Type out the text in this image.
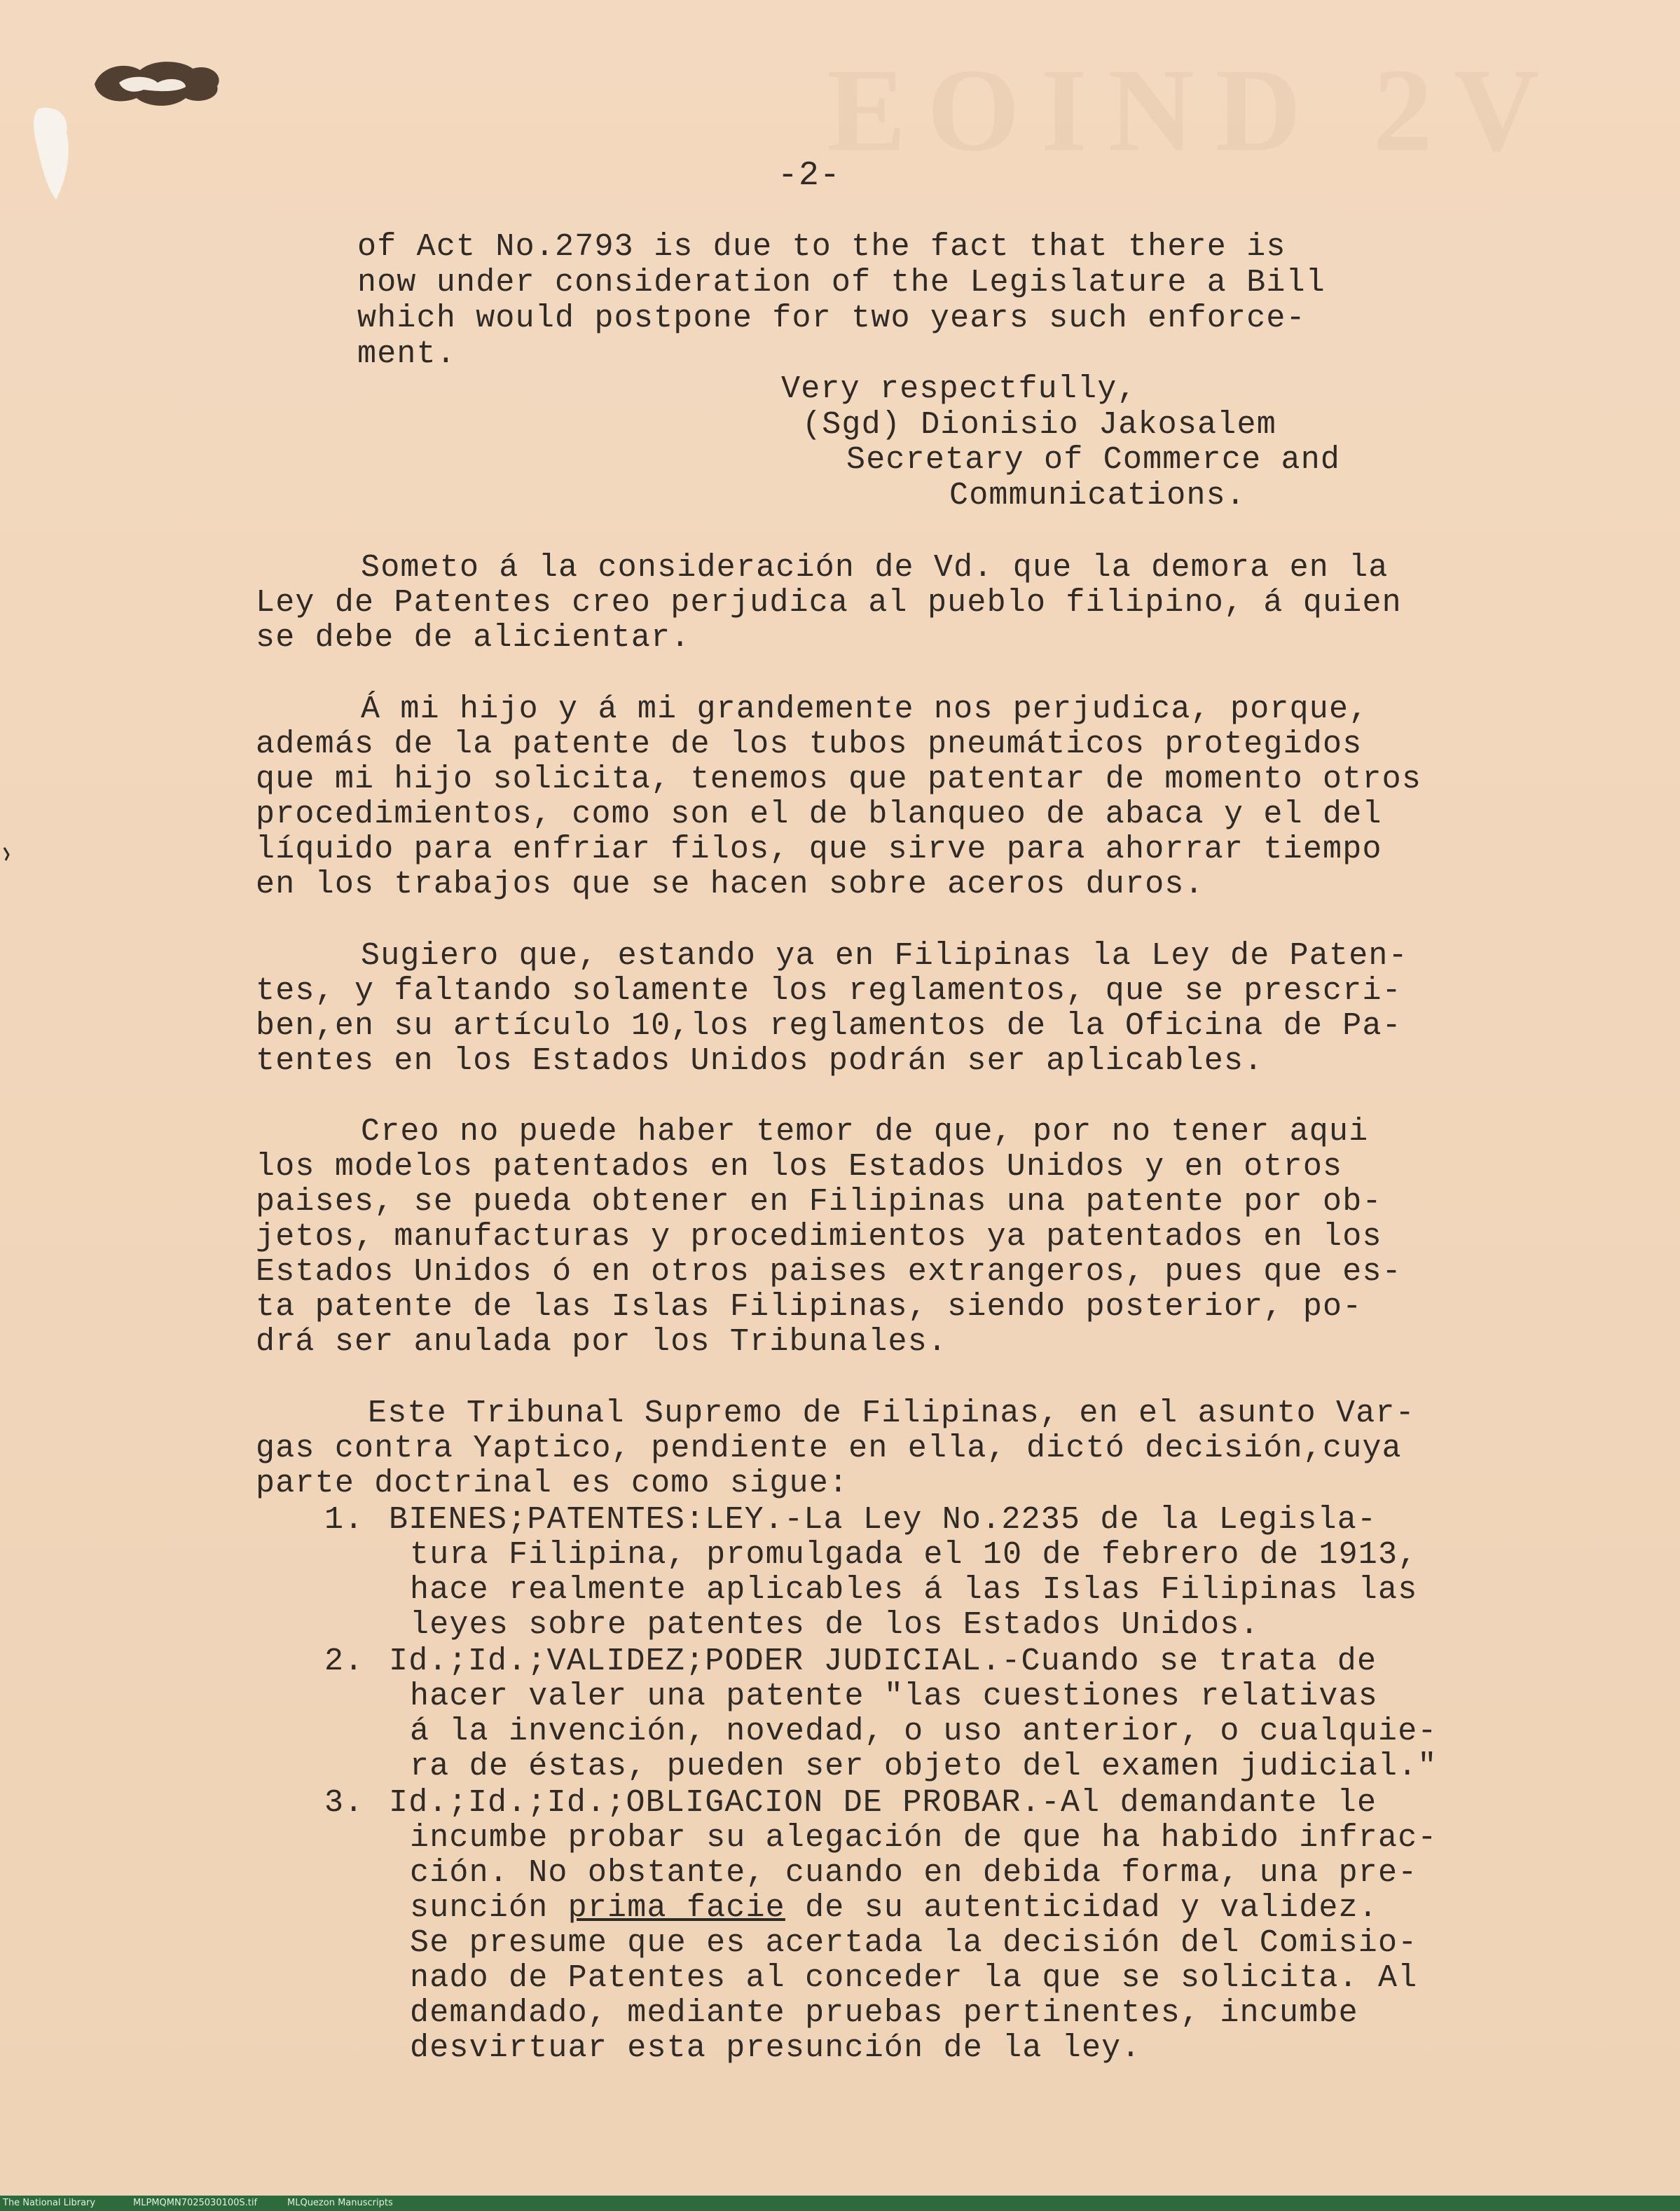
EOIND 2V
-2-
of Act No.2793 is due to the fact that there is
now under consideration of the Legislature a Bill
which would postpone for two years such enforce-
ment.
Very respectfully,
(Sgd) Dionisio Jakosalem
Secretary of Commerce and
Communications.
Someto á la consideración de Vd. que la demora en la
Ley de Patentes creo perjudica al pueblo filipino, á quien
se debe de alicientar.
Á mi hijo y á mi grandemente nos perjudica, porque,
además de la patente de los tubos pneumáticos protegidos
que mi hijo solicita, tenemos que patentar de momento otros
procedimientos, como son el de blanqueo de abaca y el del
líquido para enfriar filos, que sirve para ahorrar tiempo
en los trabajos que se hacen sobre aceros duros.
Sugiero que, estando ya en Filipinas la Ley de Paten-
tes, y faltando solamente los reglamentos, que se prescri-
ben,en su artículo 10,los reglamentos de la Oficina de Pa-
tentes en los Estados Unidos podrán ser aplicables.
Creo no puede haber temor de que, por no tener aqui
los modelos patentados en los Estados Unidos y en otros
paises, se pueda obtener en Filipinas una patente por ob-
jetos, manufacturas y procedimientos ya patentados en los
Estados Unidos ó en otros paises extrangeros, pues que es-
ta patente de las Islas Filipinas, siendo posterior, po-
drá ser anulada por los Tribunales.
Este Tribunal Supremo de Filipinas, en el asunto Var-
gas contra Yaptico, pendiente en ella, dictó decisión,cuya
parte doctrinal es como sigue:
1. BIENES;PATENTES:LEY.-La Ley No.2235 de la Legisla-
tura Filipina, promulgada el 10 de febrero de 1913,
hace realmente aplicables á las Islas Filipinas las
leyes sobre patentes de los Estados Unidos.
2. Id.;Id.;VALIDEZ;PODER JUDICIAL.-Cuando se trata de
hacer valer una patente "las cuestiones relativas
á la invención, novedad, o uso anterior, o cualquie-
ra de éstas, pueden ser objeto del examen judicial."
3. Id.;Id.;Id.;OBLIGACION DE PROBAR.-Al demandante le
incumbe probar su alegación de que ha habido infrac-
ción. No obstante, cuando en debida forma, una pre-
sunción prima facie de su autenticidad y validez.
Se presume que es acertada la decisión del Comisio-
nado de Patentes al conceder la que se solicita. Al
demandado, mediante pruebas pertinentes, incumbe
desvirtuar esta presunción de la ley.
The National Library	MLPMQMN7025030100S.tif	MLQuezon Manuscripts
